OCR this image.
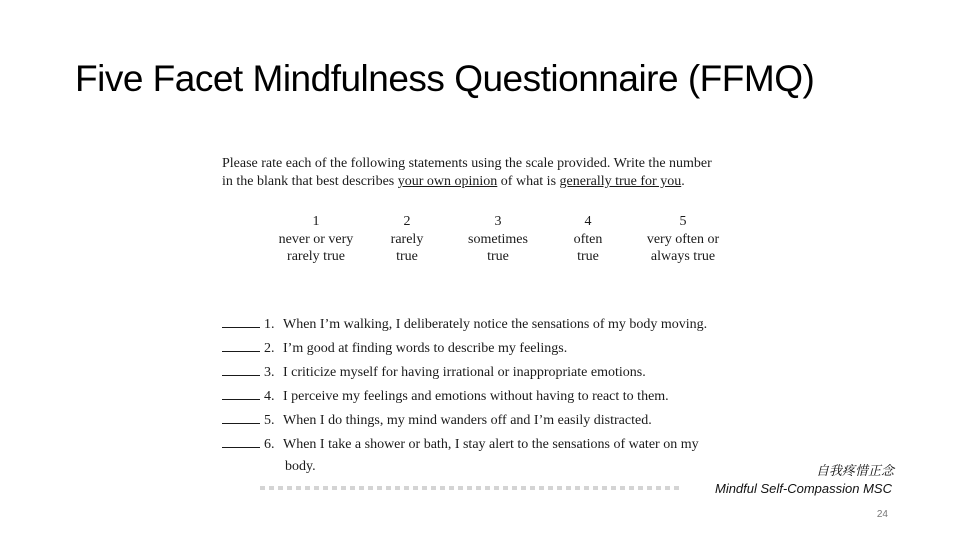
Five Facet Mindfulness Questionnaire (FFMQ)
Please rate each of the following statements using the scale provided. Write the number
in the blank that best describes your own opinion of what is generally true for you.
1
never or very
rarely true
2
rarely
true
3
sometimes
true
4
often
true
5
very often or
always true
1. When I’m walking, I deliberately notice the sensations of my body moving.
2. I’m good at finding words to describe my feelings.
3. I criticize myself for having irrational or inappropriate emotions.
4. I perceive my feelings and emotions without having to react to them.
5. When I do things, my mind wanders off and I’m easily distracted.
6. When I take a shower or bath, I stay alert to the sensations of water on my
body.	自我疼惜正念
Mindful Self-Compassion MSC
24
